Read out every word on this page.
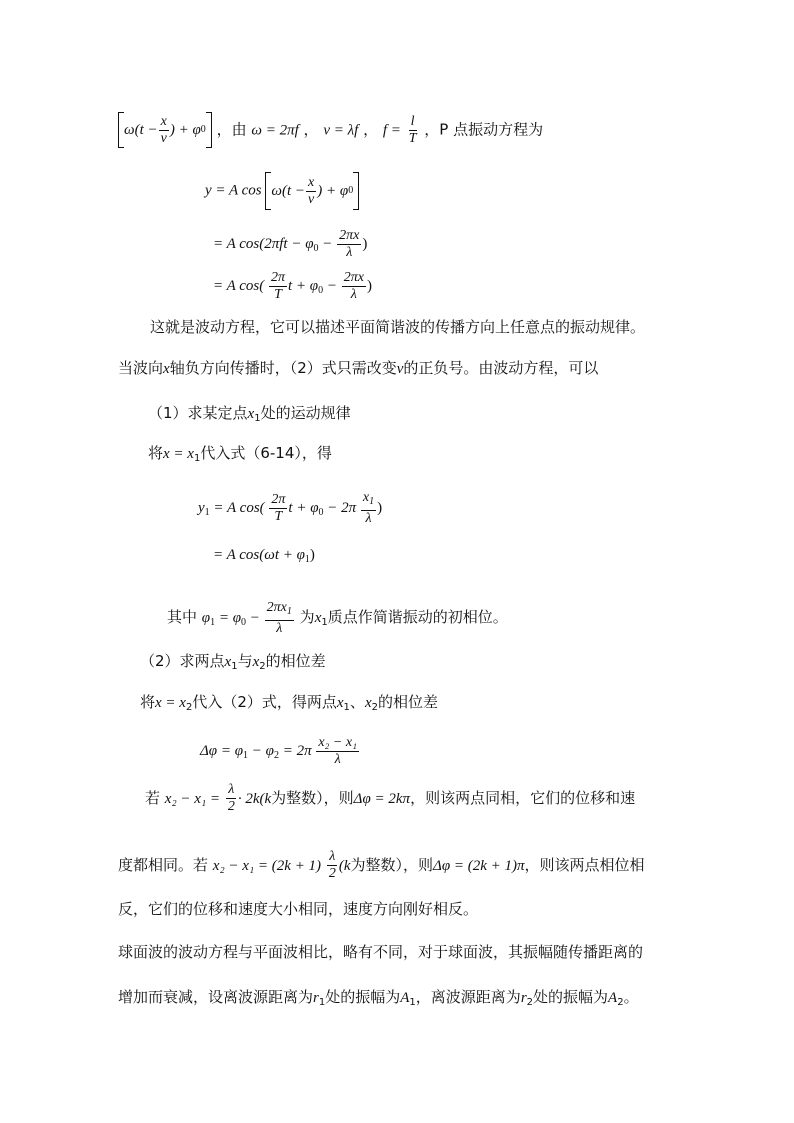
ω ($t - \frac{x}{v}$ ) + φ 0 ，由 ω = 2πf ， v = λf ， $f = \frac{l}{T}$ ，P 点振动方程为
y = A $\cos \omega(t - \frac{x}{v}$ ) + φ 0
= A $\cos(2\pi ft - \varphi_0 - \frac{2\pi x}{\lambda}$ )
= A $\cos( \frac{2\pi}{T}$ $t + \varphi_0 - \frac{2\pi x}{\lambda}$ )
这就是波动方程，它可以描述平面简谐波的传播方向上任意点的振动规律。
当波向x轴负方向传播时，（2）式只需改变v的正负号。由波动方程，可以
（1）求某定点$x_1$处的运动规律
将$x = x_1$代入式（6-14），得
$y_1 = A$ $\cos( \frac{2\pi}{T}$ $t + \varphi_0 - 2\pi \frac{x_1}{\lambda}$ )
= A $\cos(\omega t + \varphi_1)$
其中 $\varphi_1 = \varphi_0 - \frac{2\pi x_1}{\lambda}$ 为$x_1$质点作简谐振动的初相位。
（2）求两点$x_1$与$x_2$的相位差
将$x = x_2$代入（2）式，得两点$x_1$、$x_2$的相位差
$\Delta\varphi = \varphi_1 - \varphi_2 = 2\pi \frac{\text{x₂ − x₁}}{\lambda}$
若 $x_2 - x_1 = \frac{\lambda}{2} \cdot 2k(k$为整数），则Δφ = 2kπ，则该两点同相，它们的位移和速
度都相同。若 $x_2 - x_1 = (2k + 1) \frac{\lambda}{2} (k$为整数），则Δφ = (2k + 1)π，则该两点相位相
反，它们的位移和速度大小相同，速度方向刚好相反。
球面波的波动方程与平面波相比，略有不同，对于球面波，其振幅随传播距离的
增加而衰减，设离波源距离为$r_1$处的振幅为$A_1$，离波源距离为$r_2$处的振幅为$A_2$。
